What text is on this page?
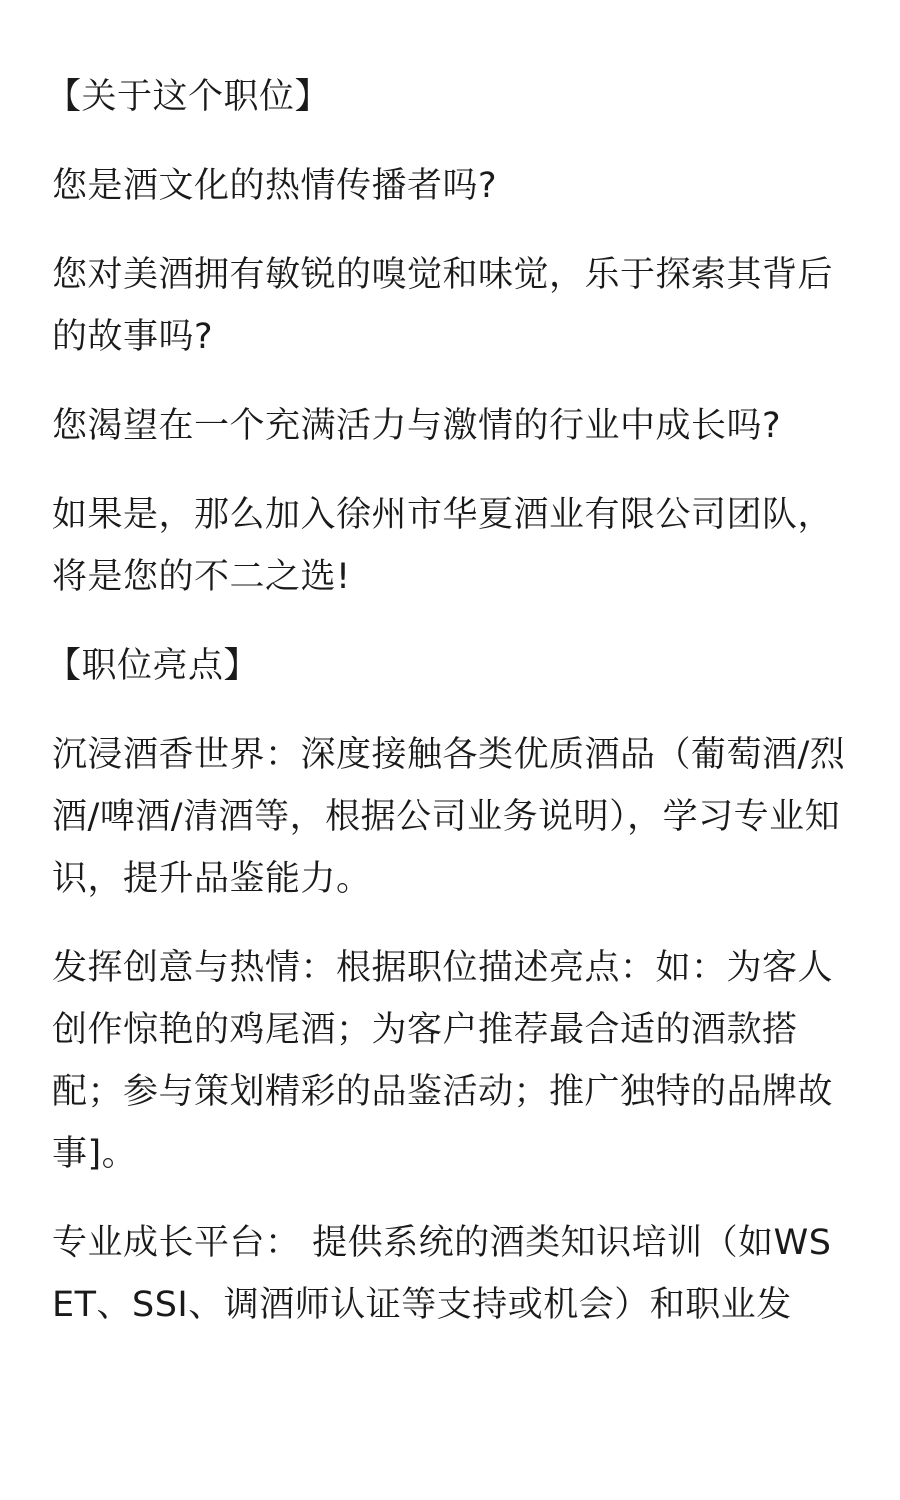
【关于这个职位】

您是酒文化的热情传播者吗?

您对美酒拥有敏锐的嗅觉和味觉，乐于探索其背后的故事吗?

您渴望在一个充满活力与激情的行业中成长吗?

如果是，那么加入徐州市华夏酒业有限公司团队，将是您的不二之选!

【职位亮点】

沉浸酒香世界：深度接触各类优质酒品（葡萄酒/烈酒/啤酒/清酒等，根据公司业务说明），学习专业知识，提升品鉴能力。

发挥创意与热情：根据职位描述亮点：如：为客人创作惊艳的鸡尾酒；为客户推荐最合适的酒款搭配；参与策划精彩的品鉴活动；推广独特的品牌故事]。

专业成长平台： 提供系统的酒类知识培训（如WSET、SSI、调酒师认证等支持或机会）和职业发
